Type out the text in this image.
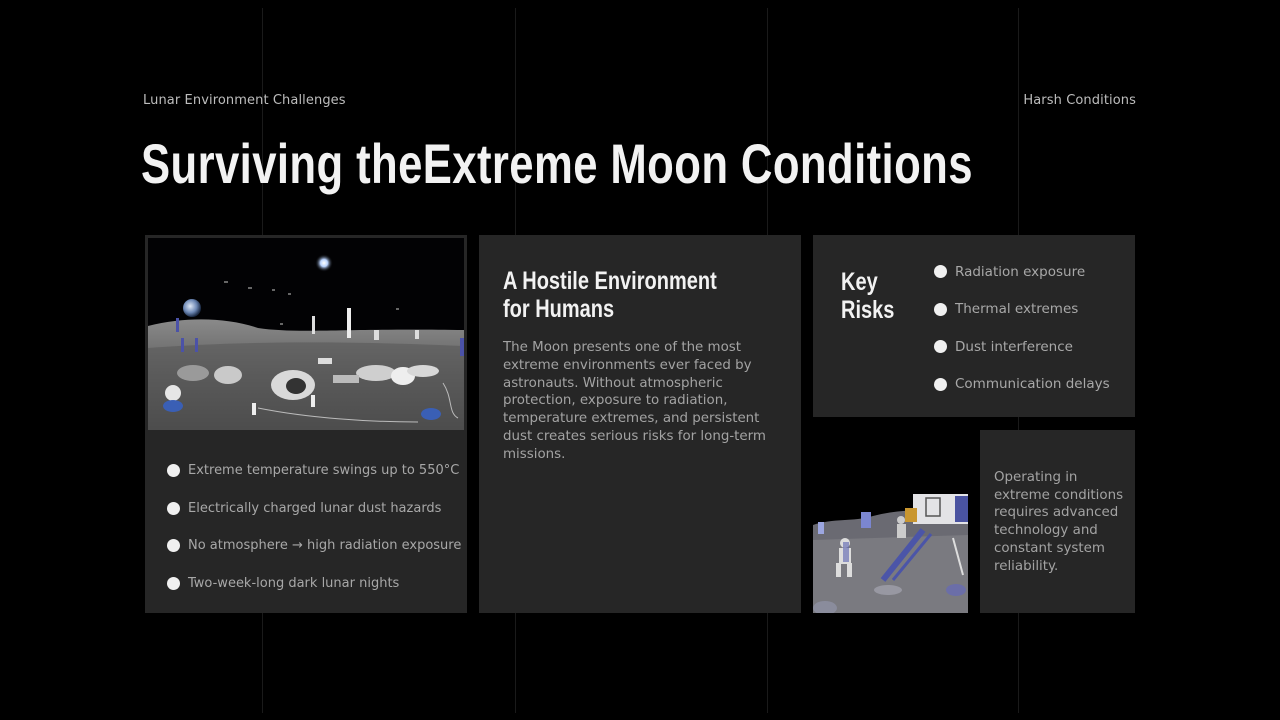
Lunar Environment Challenges	Harsh Conditions
Surviving theExtreme Moon Conditions
Extreme temperature swings up to 550°C
Electrically charged lunar dust hazards
No atmosphere → high radiation exposure
Two-week-long dark lunar nights
A Hostile Environment
for Humans

The Moon presents one of the most extreme environments ever faced by astronauts. Without atmospheric protection, exposure to radiation, temperature extremes, and persistent dust creates serious risks for long-term missions.

Key
Risks
Radiation exposure
Thermal extremes
Dust interference
Communication delays

Operating in extreme conditions requires advanced technology and constant system reliability.
